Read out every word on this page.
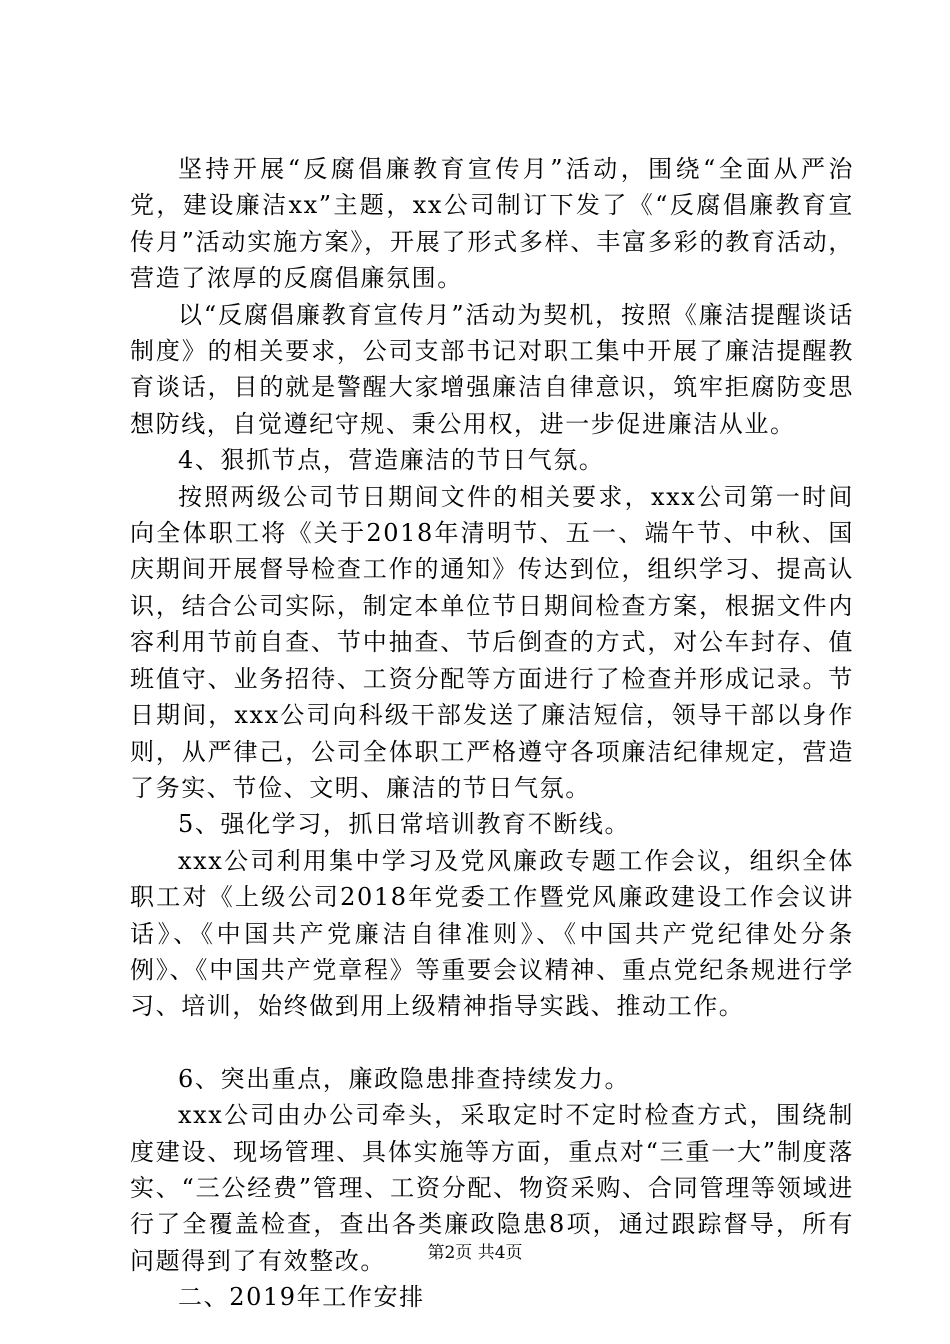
坚持开展“反腐倡廉教育宣传月”活动，围绕“全面从严治党，建设廉洁xx”主题，xx公司制订下发了《“反腐倡廉教育宣传月”活动实施方案》，开展了形式多样、丰富多彩的教育活动，营造了浓厚的反腐倡廉氛围。

以“反腐倡廉教育宣传月”活动为契机，按照《廉洁提醒谈话制度》的相关要求，公司支部书记对职工集中开展了廉洁提醒教育谈话，目的就是警醒大家增强廉洁自律意识，筑牢拒腐防变思想防线，自觉遵纪守规、秉公用权，进一步促进廉洁从业。

4、狠抓节点，营造廉洁的节日气氛。

按照两级公司节日期间文件的相关要求，xxx公司第一时间向全体职工将《关于2018年清明节、五一、端午节、中秋、国庆期间开展督导检查工作的通知》传达到位，组织学习、提高认识，结合公司实际，制定本单位节日期间检查方案，根据文件内容利用节前自查、节中抽查、节后倒查的方式，对公车封存、值班值守、业务招待、工资分配等方面进行了检查并形成记录。节日期间，xxx公司向科级干部发送了廉洁短信，领导干部以身作则，从严律己，公司全体职工严格遵守各项廉洁纪律规定，营造了务实、节俭、文明、廉洁的节日气氛。

5、强化学习，抓日常培训教育不断线。

xxx公司利用集中学习及党风廉政专题工作会议，组织全体职工对《上级公司2018年党委工作暨党风廉政建设工作会议讲话》、《中国共产党廉洁自律准则》、《中国共产党纪律处分条例》、《中国共产党章程》等重要会议精神、重点党纪条规进行学习、培训，始终做到用上级精神指导实践、推动工作。

6、突出重点，廉政隐患排查持续发力。

xxx公司由办公司牵头，采取定时不定时检查方式，围绕制度建设、现场管理、具体实施等方面，重点对“三重一大”制度落实、“三公经费”管理、工资分配、物资采购、合同管理等领域进行了全覆盖检查，查出各类廉政隐患8项，通过跟踪督导，所有问题得到了有效整改。

二、2019年工作安排

第2页 共4页
